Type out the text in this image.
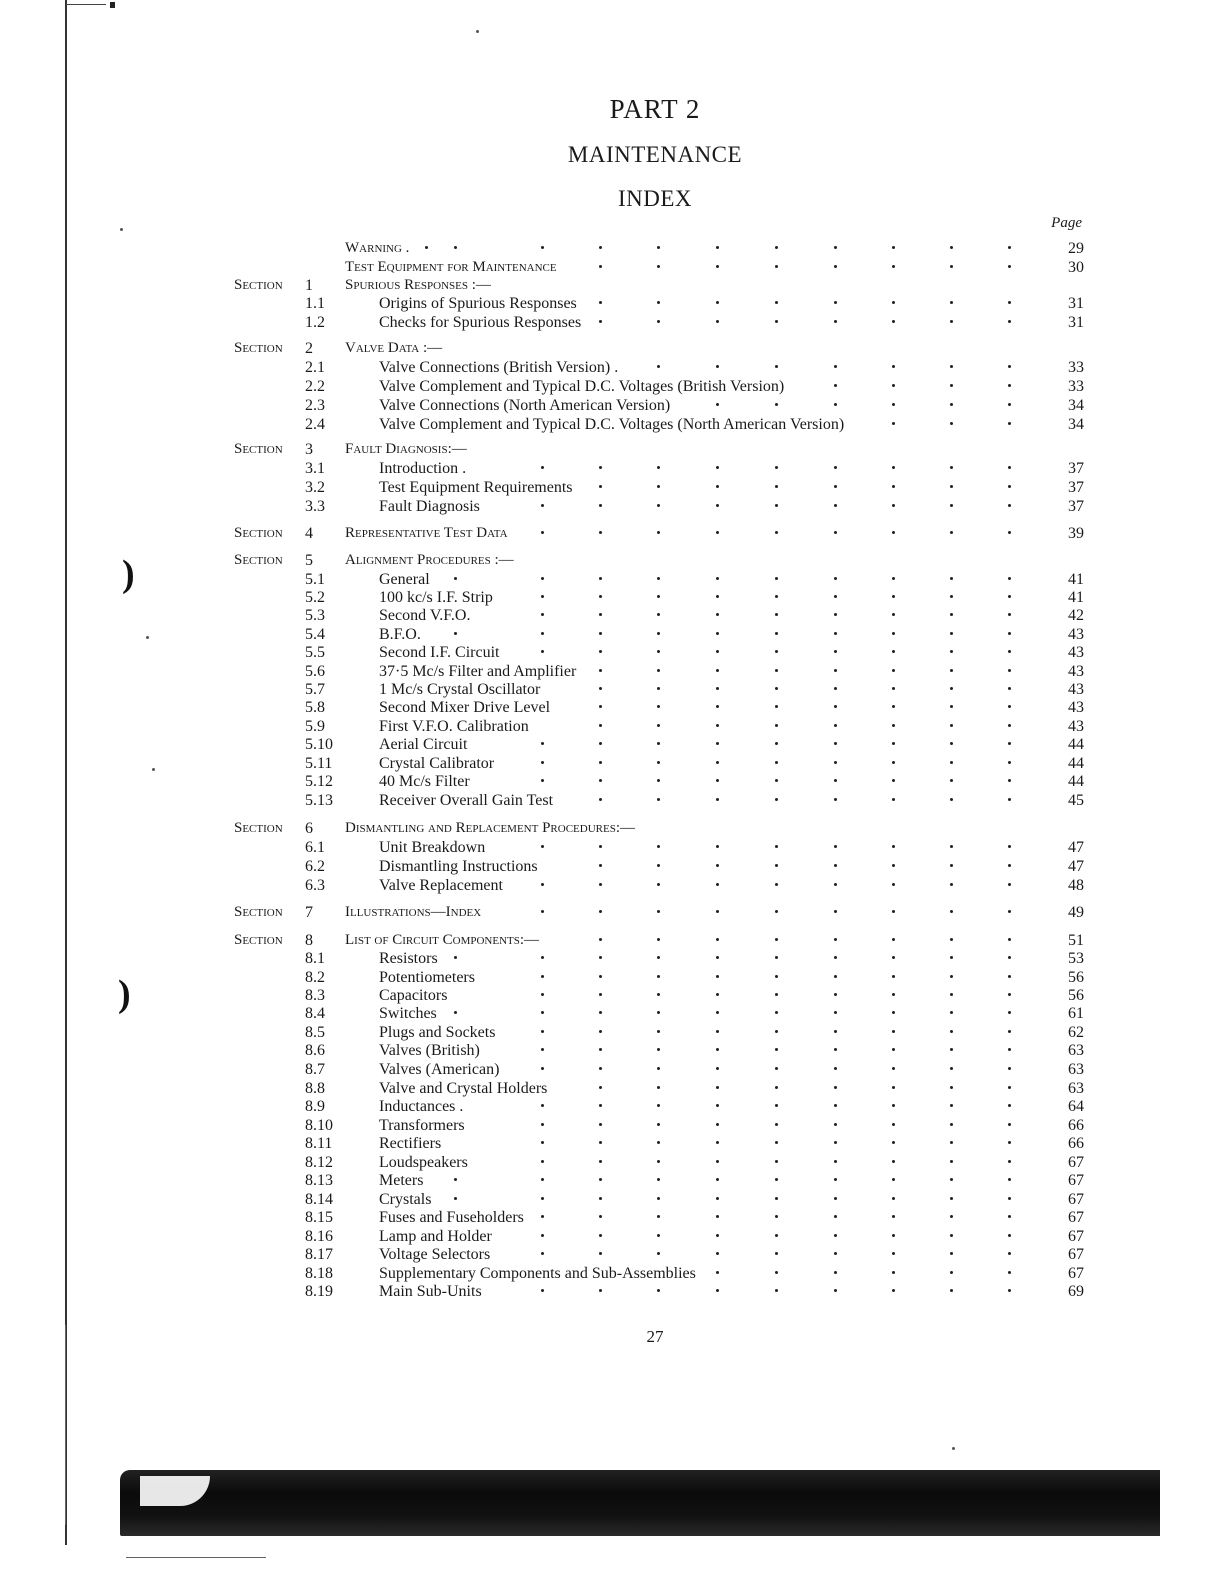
)
)
PART 2
MAINTENANCE
INDEX
Page
Warning .	29
Test Equipment for Maintenance	30
Section 1 Spurious Responses :—
1.1	Origins of Spurious Responses	31
1.2	Checks for Spurious Responses	31
Section 2 Valve Data :—
2.1	Valve Connections (British Version) .	33
2.2	Valve Complement and Typical D.C. Voltages (British Version)	33
2.3	Valve Connections (North American Version)	34
2.4	Valve Complement and Typical D.C. Voltages (North American Version)	34
Section 3 Fault Diagnosis:—
3.1	Introduction .	37
3.2	Test Equipment Requirements	37
3.3	Fault Diagnosis	37
Section 4 Representative Test Data	39
Section 5 Alignment Procedures :—
5.1	General	41
5.2	100 kc/s I.F. Strip	41
5.3	Second V.F.O.	42
5.4	B.F.O.	43
5.5	Second I.F. Circuit	43
5.6	37·5 Mc/s Filter and Amplifier	43
5.7	1 Mc/s Crystal Oscillator	43
5.8	Second Mixer Drive Level	43
5.9	First V.F.O. Calibration	43
5.10	Aerial Circuit	44
5.11	Crystal Calibrator	44
5.12	40 Mc/s Filter	44
5.13	Receiver Overall Gain Test	45
Section 6 Dismantling and Replacement Procedures:—
6.1	Unit Breakdown	47
6.2	Dismantling Instructions	47
6.3	Valve Replacement	48
Section 7 Illustrations—Index	49
Section 8 List of Circuit Components:—	51
8.1	Resistors	53
8.2	Potentiometers	56
8.3	Capacitors	56
8.4	Switches	61
8.5	Plugs and Sockets	62
8.6	Valves (British)	63
8.7	Valves (American)	63
8.8	Valve and Crystal Holders	63
8.9	Inductances .	64
8.10	Transformers	66
8.11	Rectifiers	66
8.12	Loudspeakers	67
8.13	Meters	67
8.14	Crystals	67
8.15	Fuses and Fuseholders	67
8.16	Lamp and Holder	67
8.17	Voltage Selectors	67
8.18	Supplementary Components and Sub-Assemblies	67
8.19	Main Sub-Units	69
27
